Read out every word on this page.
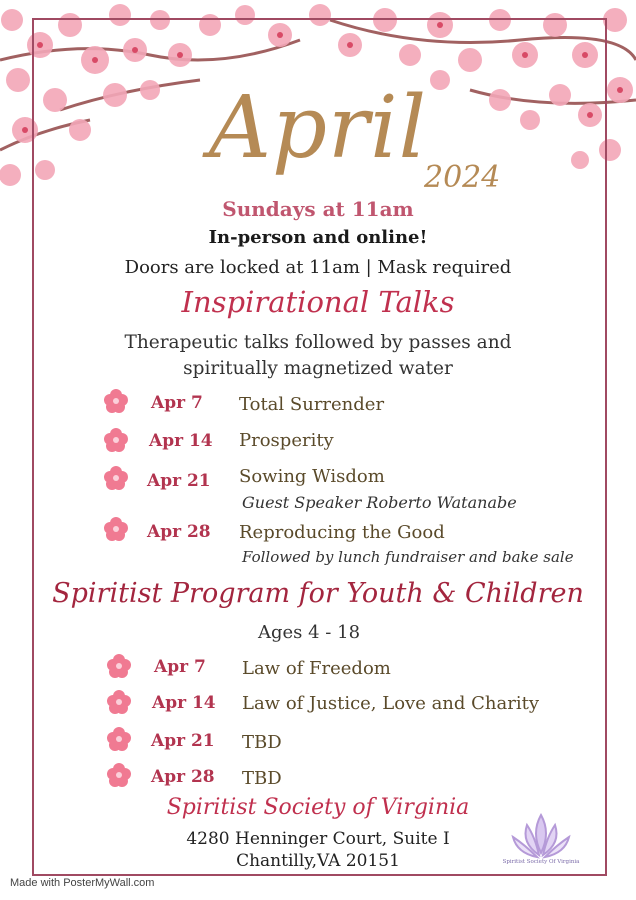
April
2024
Sundays at 11am
In-person and online!
Doors are locked at 11am | Mask required
Inspirational Talks
Therapeutic talks followed by passes and
spiritually magnetized water
Apr 7 Total Surrender
Apr 14 Prosperity
Apr 21 Sowing Wisdom
Guest Speaker Roberto Watanabe
Apr 28 Reproducing the Good
Followed by lunch fundraiser and bake sale
Spiritist Program for Youth & Children
Ages 4 - 18
Apr 7 Law of Freedom
Apr 14 Law of Justice, Love and Charity
Apr 21 TBD
Apr 28 TBD
Spiritist Society of Virginia
4280 Henninger Court, Suite I
Chantilly,VA 20151	Spiritist Society Of Virginia
Made with PosterMyWall.com
